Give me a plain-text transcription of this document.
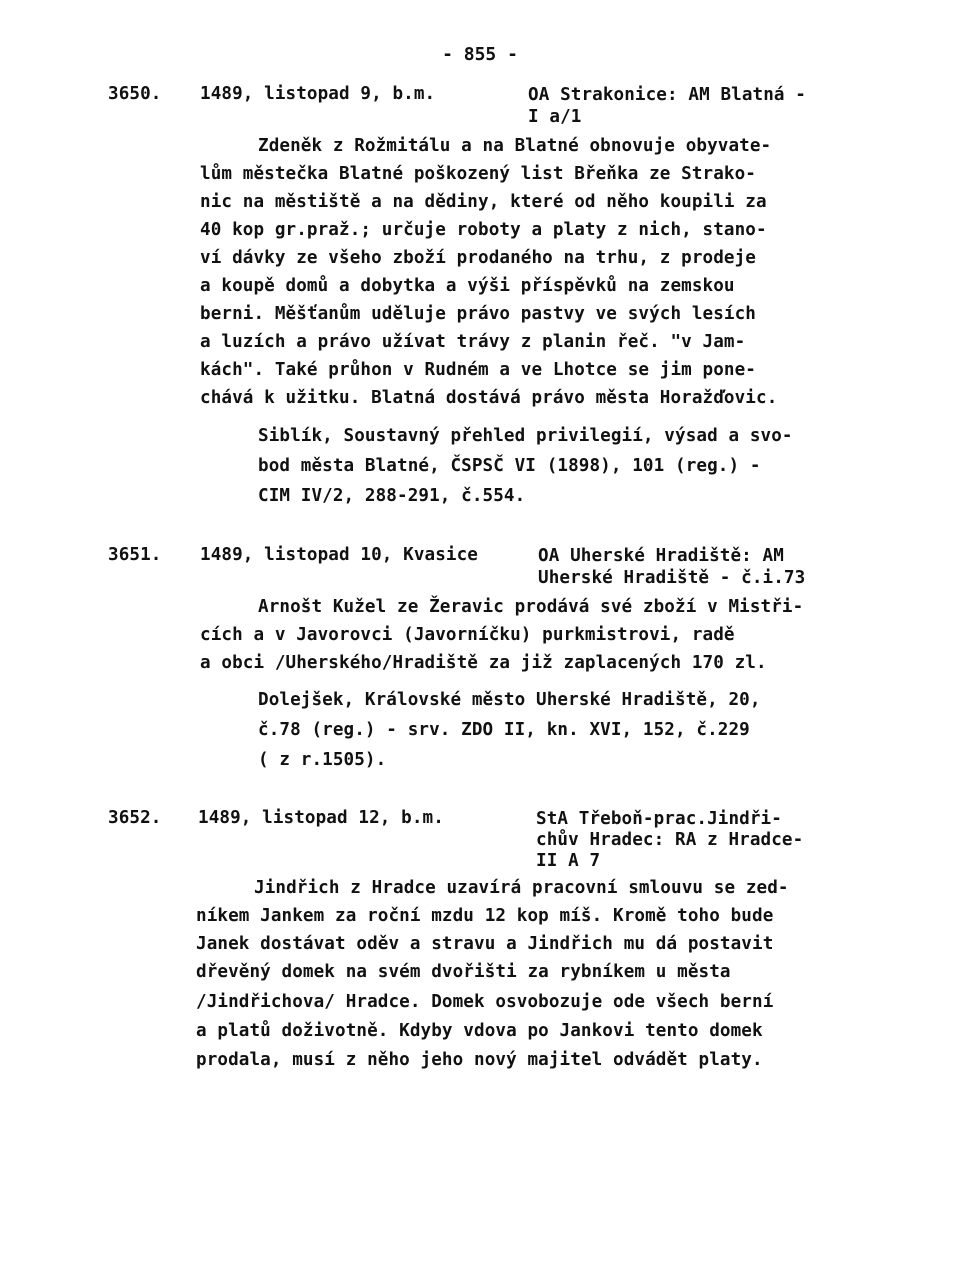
- 855 -
3650. 1489, listopad 9, b.m.	OA Strakonice: AM Blatná -
I a/1
Zdeněk z Rožmitálu a na Blatné obnovuje obyvate-
lům městečka Blatné poškozený list Břeňka ze Strako-
nic na městiště a na dědiny, které od něho koupili za
40 kop gr.praž.; určuje roboty a platy z nich, stano-
ví dávky ze všeho zboží prodaného na trhu, z prodeje
a koupě domů a dobytka a výši příspěvků na zemskou
berni. Měšťanům uděluje právo pastvy ve svých lesích
a luzích a právo užívat trávy z planin řeč. "v Jam-
kách". Také průhon v Rudném a ve Lhotce se jim pone-
chává k užitku. Blatná dostává právo města Horažďovic.
Siblík, Soustavný přehled privilegií, výsad a svo-
bod města Blatné, ČSPSČ VI (1898), 101 (reg.) -
CIM IV/2, 288-291, č.554.
3651. 1489, listopad 10, Kvasice	OA Uherské Hradiště: AM
Uherské Hradiště - č.i.73
Arnošt Kužel ze Žeravic prodává své zboží v Mistři-
cích a v Javorovci (Javorníčku) purkmistrovi, radě
a obci /Uherského/Hradiště za již zaplacených 170 zl.
Dolejšek, Královské město Uherské Hradiště, 20,
č.78 (reg.) - srv. ZDO II, kn. XVI, 152, č.229
( z r.1505).
3652. 1489, listopad 12, b.m.	StA Třeboň-prac.Jindři-
chův Hradec: RA z Hradce-
II A 7
Jindřich z Hradce uzavírá pracovní smlouvu se zed-
níkem Jankem za roční mzdu 12 kop míš. Kromě toho bude
Janek dostávat oděv a stravu a Jindřich mu dá postavit
dřevěný domek na svém dvořišti za rybníkem u města
/Jindřichova/ Hradce. Domek osvobozuje ode všech berní
a platů doživotně. Kdyby vdova po Jankovi tento domek
prodala, musí z něho jeho nový majitel odvádět platy.
